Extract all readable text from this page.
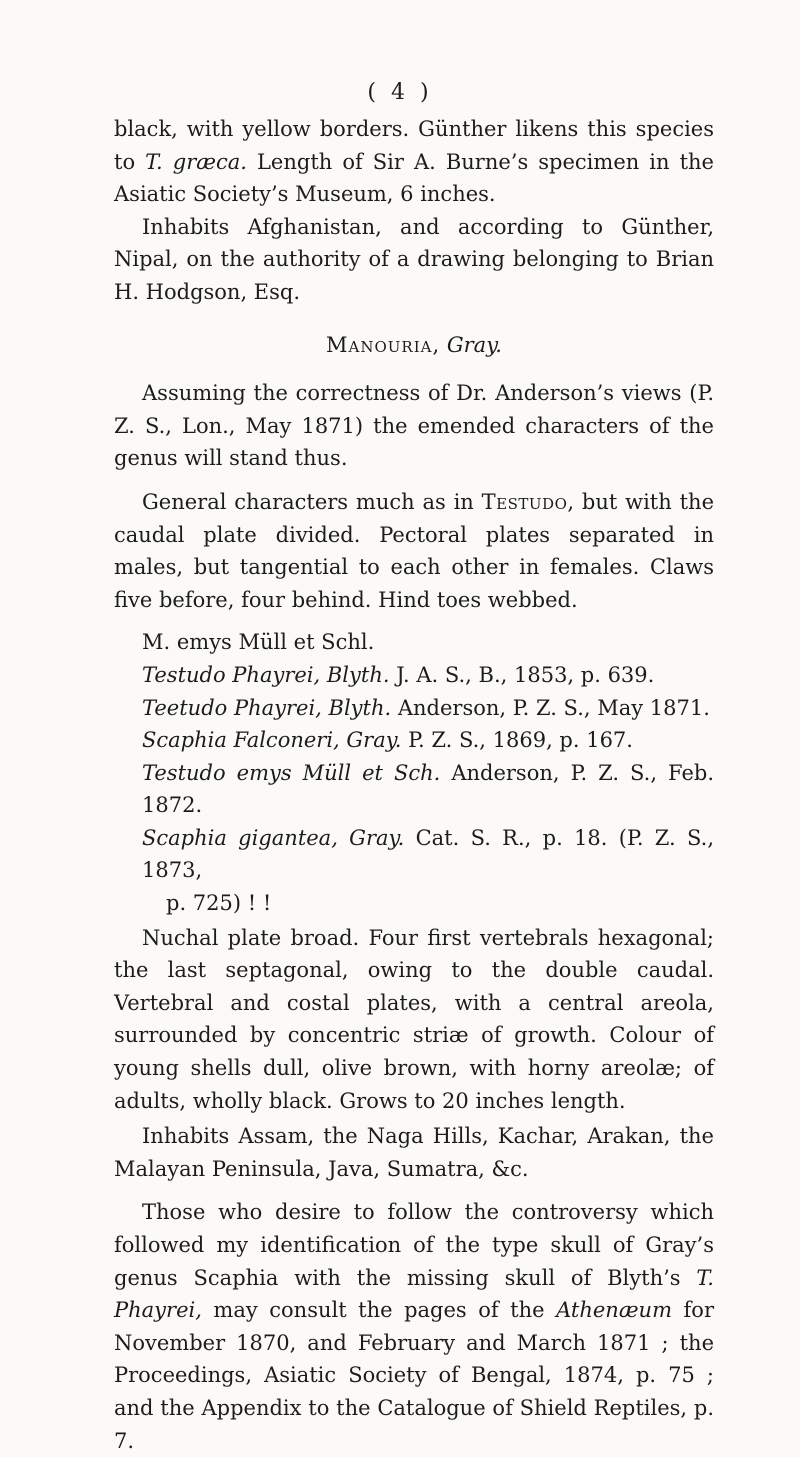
( 4 )

black, with yellow borders. Günther likens this species to T. græca. Length of Sir A. Burne’s specimen in the Asiatic Society’s Museum, 6 inches.

Inhabits Afghanistan, and according to Günther, Nipal, on the authority of a drawing belonging to Brian H. Hodgson, Esq.

Manouria, Gray.

Assuming the correctness of Dr. Anderson’s views (P. Z. S., Lon., May 1871) the emended characters of the genus will stand thus.

General characters much as in Testudo, but with the caudal plate divided. Pectoral plates separated in males, but tangential to each other in females. Claws five before, four behind. Hind toes webbed.

M. emys Müll et Schl.

Testudo Phayrei, Blyth. J. A. S., B., 1853, p. 639.

Teetudo Phayrei, Blyth. Anderson, P. Z. S., May 1871.

Scaphia Falconeri, Gray. P. Z. S., 1869, p. 167.

Testudo emys Müll et Sch. Anderson, P. Z. S., Feb. 1872.

Scaphia gigantea, Gray. Cat. S. R., p. 18. (P. Z. S., 1873,

p. 725) ! !

Nuchal plate broad. Four first vertebrals hexagonal; the last septagonal, owing to the double caudal. Vertebral and costal plates, with a central areola, surrounded by concentric striæ of growth. Colour of young shells dull, olive brown, with horny areolæ; of adults, wholly black. Grows to 20 inches length.

Inhabits Assam, the Naga Hills, Kachar, Arakan, the Malayan Peninsula, Java, Sumatra, &c.

Those who desire to follow the controversy which followed my identification of the type skull of Gray’s genus Scaphia with the missing skull of Blyth’s T. Phayrei, may consult the pages of the Athenæum for November 1870, and February and March 1871 ; the Proceedings, Asiatic Society of Bengal, 1874, p. 75 ; and the Appendix to the Catalogue of Shield Reptiles, p. 7.
